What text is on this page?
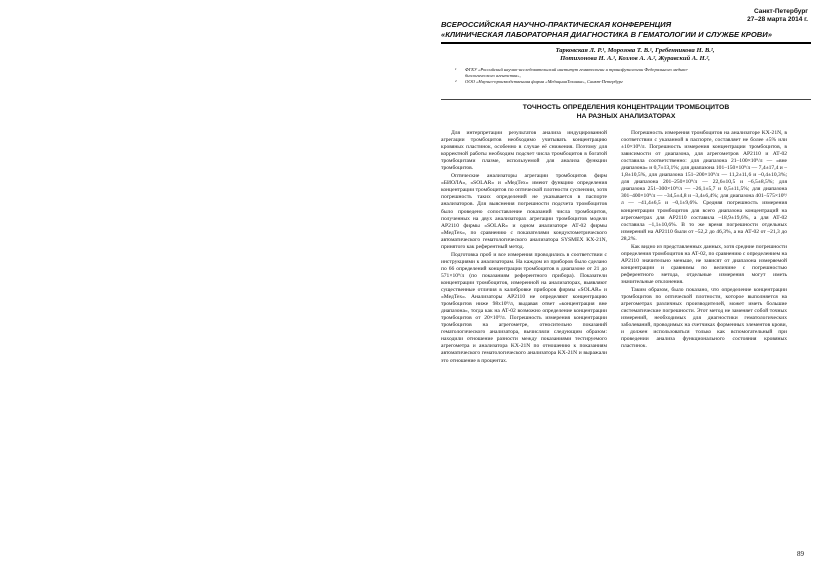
Санкт-Петербург
27–28 марта 2014 г.
ВСЕРОССИЙСКАЯ НАУЧНО-ПРАКТИЧЕСКАЯ КОНФЕРЕНЦИЯ
«КЛИНИЧЕСКАЯ ЛАБОРАТОРНАЯ ДИАГНОСТИКА В ГЕМАТОЛОГИИ И СЛУЖБЕ КРОВИ»
Тарковская Л. Р.¹, Морозова Т. В.¹, Гребенникова Н. В.²,
Потихонова Н. А.¹, Козлов А. А.², Журавский А. Н.²,
¹	ФГБУ «Российский научно-исследовательский институт гематологии и трансфузиологии Федерального медико-биологического агентства»,
²	ООО «Научно-производственная фирма «МедицинаТехника», Санкт-Петербург
ТОЧНОСТЬ ОПРЕДЕЛЕНИЯ КОНЦЕНТРАЦИИ ТРОМБОЦИТОВ
НА РАЗНЫХ АНАЛИЗАТОРАХ

Для интерпретации результатов анализа индуцированной агрегации тромбоцитов необходимо учитывать концентрацию кровяных пластинок, особенно в случае её снижения. Поэтому для корректной работы необходим подсчет числа тромбоцитов в богатой тромбоцитами плазме, используемой для анализа функции тромбоцитов.

Оптические анализаторы агрегации тромбоцитов фирм «БИОЛА», «SOLAR» и «МедТех» имеют функцию определения концентрации тромбоцитов по оптической плотности суспензии, хотя погрешность таких определений не указывается в паспорте анализаторов. Для выяснения погрешности подсчета тромбоцитов было проведено сопоставление показаний числа тромбоцитов, полученных на двух анализаторах агрегации тромбоцитов модели АР2110 фирмы «SOLAR» и одном анализаторе АТ-02 фирмы «МедТех», по сравнению с показателями кондуктометрического автоматического гематологического анализатора SYSMEX KX-21N, принятого как референтный метод.

Подготовка проб и все измерения проводились в соответствии с инструкциями к анализаторам. На каждом из приборов было сделано по 66 определений концентрации тромбоцитов в диапазоне от 21 до 571×10⁹/л (по показаниям референтного прибора). Показатели концентрации тромбоцитов, измеренной на анализаторах, выявляют существенные отличия в калибровке приборов фирмы «SOLAR» и «МедТех». Анализаторы АР2110 не определяют концентрацию тромбоцитов ниже 98х10⁹/л, выдавая ответ «концентрация вне диапазона», тогда как на АТ-02 возможно определение концентрации тромбоцитов от 20×10⁹/л. Погрешность измерения концентрации тромбоцитов на агрегометре, относительно показаний гематологического анализатора, вычисляли следующим образом: находили отношение разности между показаниями тестируемого агрегометра и анализатора KX-21N по отношению к показаниям автоматического гематологического анализатора KX-21N и выражали это отношение в процентах.

Погрешность измерения тромбоцитов на анализаторе KX-21N, в соответствии с указанной в паспорте, составляет не более ±5% или ±10×10⁹/л. Погрешность измерения концентрации тромбоцитов, в зависимости от диапазона, для агрегометров АР2110 и АТ-02 составила соответственно: для диапазона 21–100×10⁹/л — «вне диапазона» и 0,7±13,1%; для диапазона 101–150×10⁹/л — 7,4±17,4 и –1,8±10,5%, для диапазона 151–200×10⁹/л — 11,2±11,6 и –0,4±10,3%; для диапазона 201–250×10⁹/л — 22,6±10,5 и –6,5±8,5%; для диапазона 251–300×10⁹/л — –26,1±5,7 и 0,5±11,5%; для диапазона 301–400×10⁹/л — –34,5±4,8 и –3,4±6,4%; для диапазона 401–575×10⁹/л — –41,4±6,5 и –0,1±9,6%. Средняя погрешность измерения концентрации тромбоцитов для всего диапазона концентраций на агрегометрах для АР2110 составила –18,9±19,6%, а для АТ-02 составила –1,1±10,6%. В то же время погрешности отдельных измерений на АР2110 были от –52,2 до 46,3%, а на АТ-02 от –21,3 до 28,2%.

Как видно из представленных данных, хотя средние погрешности определения тромбоцитов на АТ-02, по сравнению с определением на АР2110 значительно меньше, не зависят от диапазона измеряемой концентрации и сравнимы по величине с погрешностью референтного метода, отдельные измерения могут иметь значительные отклонения.

Таким образом, было показано, что определение концентрации тромбоцитов по оптической плотности, которое выполняется на агрегометрах различных производителей, может иметь большие систематические погрешности. Этот метод не заменяет собой точных измерений, необходимых для диагностики гематологических заболеваний, проводимых на счетчиках форменных элементов крови, и должен использоваться только как вспомогательный при проведении анализа функционального состояния кровяных пластинок.

89
